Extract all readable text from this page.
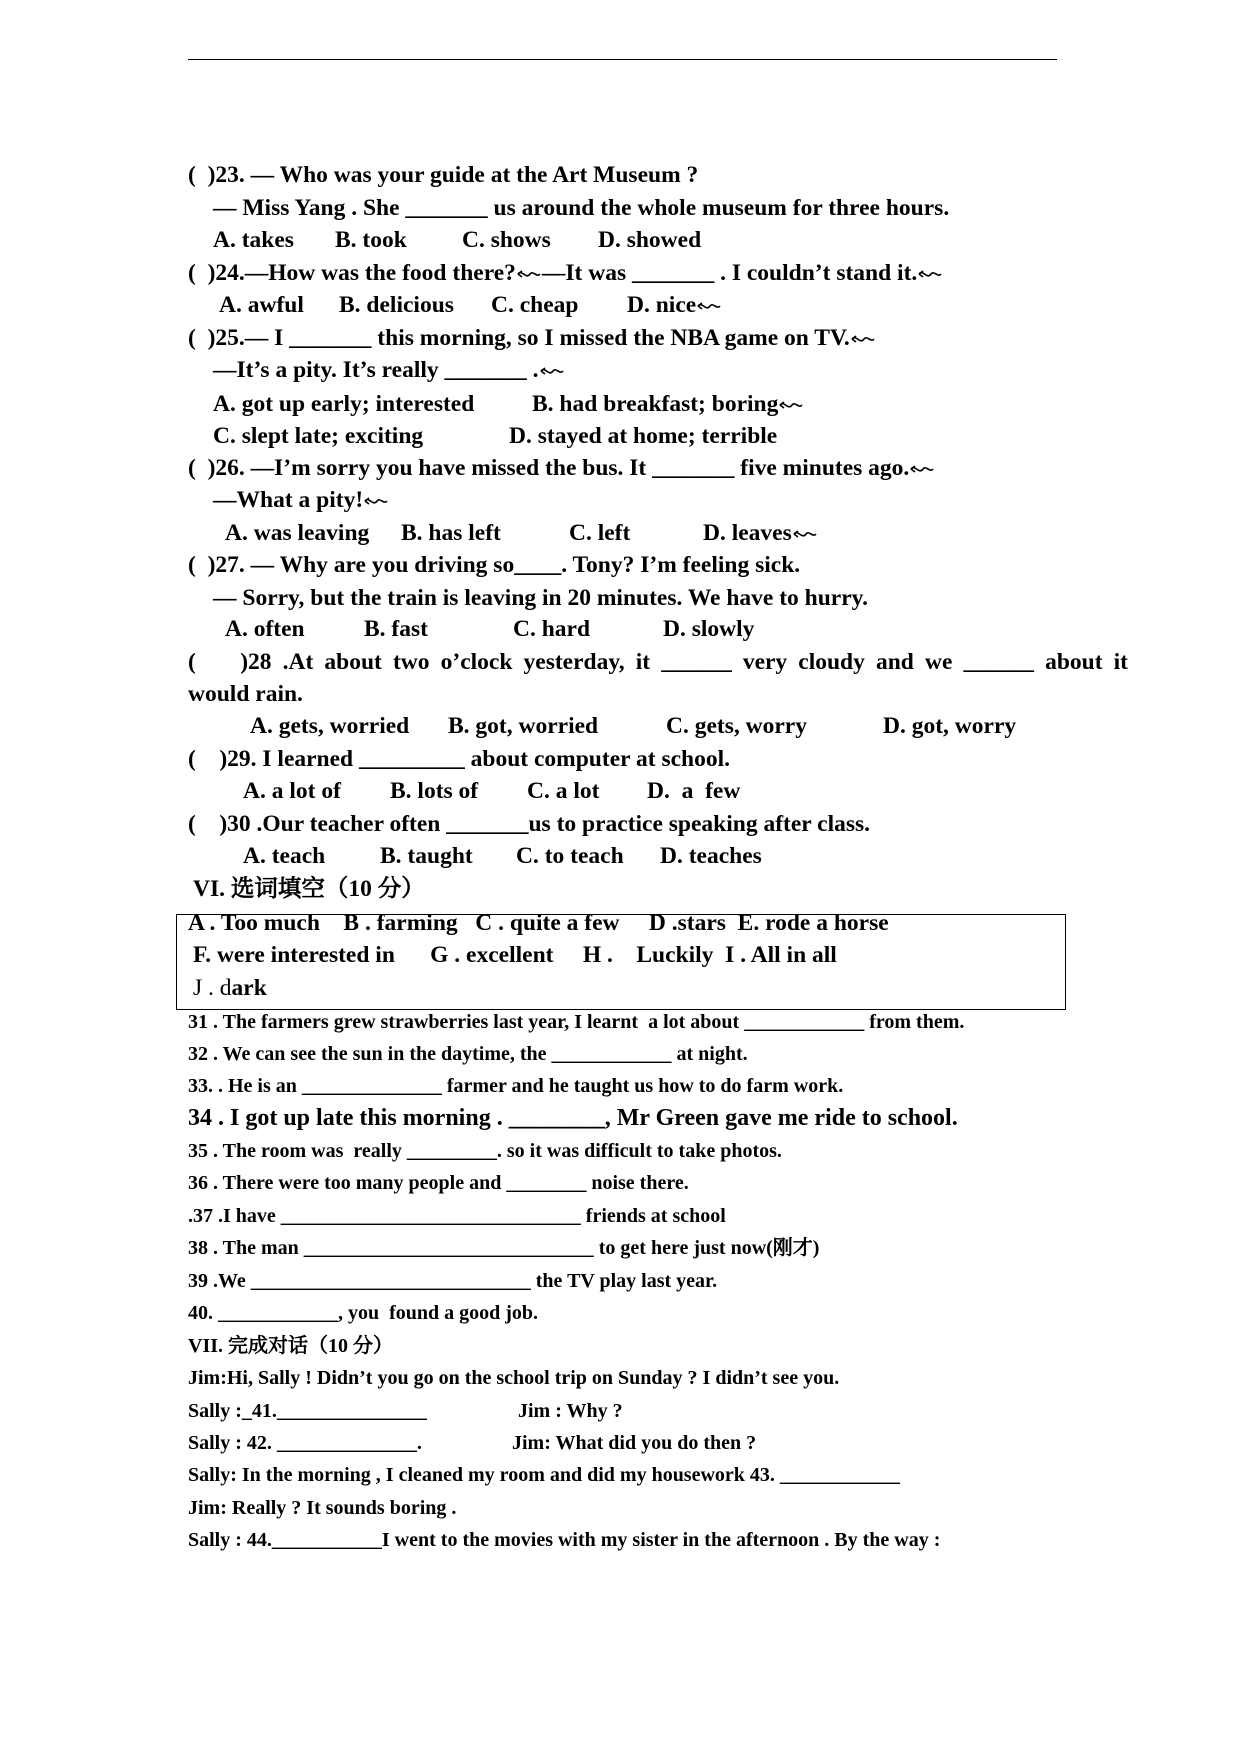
(  )23. — Who was your guide at the Art Museum ?
— Miss Yang . She _______ us around the whole museum for three hours.
A. takes B. took C. shows D. showed
(  )24.—How was the food there? —It was _______ . I couldn’t stand it.
A. awful B. delicious C. cheap D. nice
(  )25.— I _______ this morning, so I missed the NBA game on TV.
—It’s a pity. It’s really _______ .
A. got up early; interested B. had breakfast; boring
C. slept late; exciting	D. stayed at home; terrible
(  )26. —I’m sorry you have missed the bus. It _______ five minutes ago.
—What a pity!
A. was leaving B. has left	C. left	D. leaves
(  )27. — Why are you driving so____. Tony? I’m feeling sick.
— Sorry, but the train is leaving in 20 minutes. We have to hurry.
A. often	B. fast	C. hard	D. slowly
(    )28 .At about two o’clock yesterday, it ______ very cloudy and we ______ about it
would rain.
A. gets, worried B. got, worried	C. gets, worry	D. got, worry
(    )29. I learned _________ about computer at school.
A. a lot of B. lots of C. a lot D.  a  few
(    )30 .Our teacher often _______us to practice speaking after class.
A. teach B. taught C. to teach D. teaches
VI. 选词填空（10 分）
A . Too much    B . farming   C . quite a few     D .stars  E. rode a horse
F. were interested in      G . excellent     H .    Luckily  I . All in all
J . dark
31 . The farmers grew strawberries last year, I learnt  a lot about ____________ from them.
32 . We can see the sun in the daytime, the ____________ at night.
33. . He is an ______________ farmer and he taught us how to do farm work.
34 . I got up late this morning . ________, Mr Green gave me ride to school.
35 . The room was  really _________. so it was difficult to take photos.
36 . There were too many people and ________ noise there.
.37 .I have ______________________________ friends at school
38 . The man _____________________________ to get here just now(刚才)
39 .We ____________________________ the TV play last year.
40. ____________, you  found a good job.
VII. 完成对话（10 分）
Jim:Hi, Sally ! Didn’t you go on the school trip on Sunday ? I didn’t see you.
Sally :_41._______________	Jim : Why ?
Sally : 42. ______________.	Jim: What did you do then ?
Sally: In the morning , I cleaned my room and did my housework 43. ____________
Jim: Really ? It sounds boring .
Sally : 44.___________I went to the movies with my sister in the afternoon . By the way :
